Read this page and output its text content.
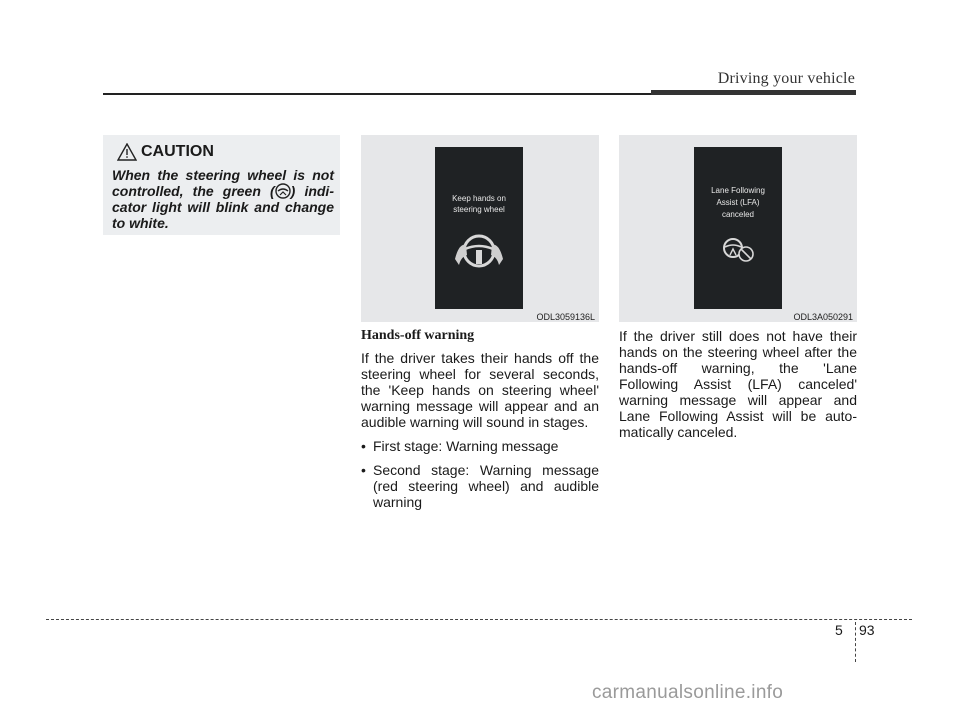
Driving your vehicle
CAUTION
When the steering wheel is not controlled, the green ( ) indi-cator light will blink and change to white.
Keep hands on
steering wheel
ODL3059136L
Lane Following
Assist (LFA)
canceled
ODL3A050291
Hands-off warning

If the driver takes their hands off the steering wheel for several seconds, the 'Keep hands on steering wheel' warning message will appear and an audible warning will sound in stages.

• First stage: Warning message
• Second stage: Warning message (red steering wheel) and audible warning

If the driver still does not have their hands on the steering wheel after the hands-off warning, the 'Lane Following Assist (LFA) canceled' warning message will appear and Lane Following Assist will be auto-matically canceled.

5 93
carmanualsonline.info
